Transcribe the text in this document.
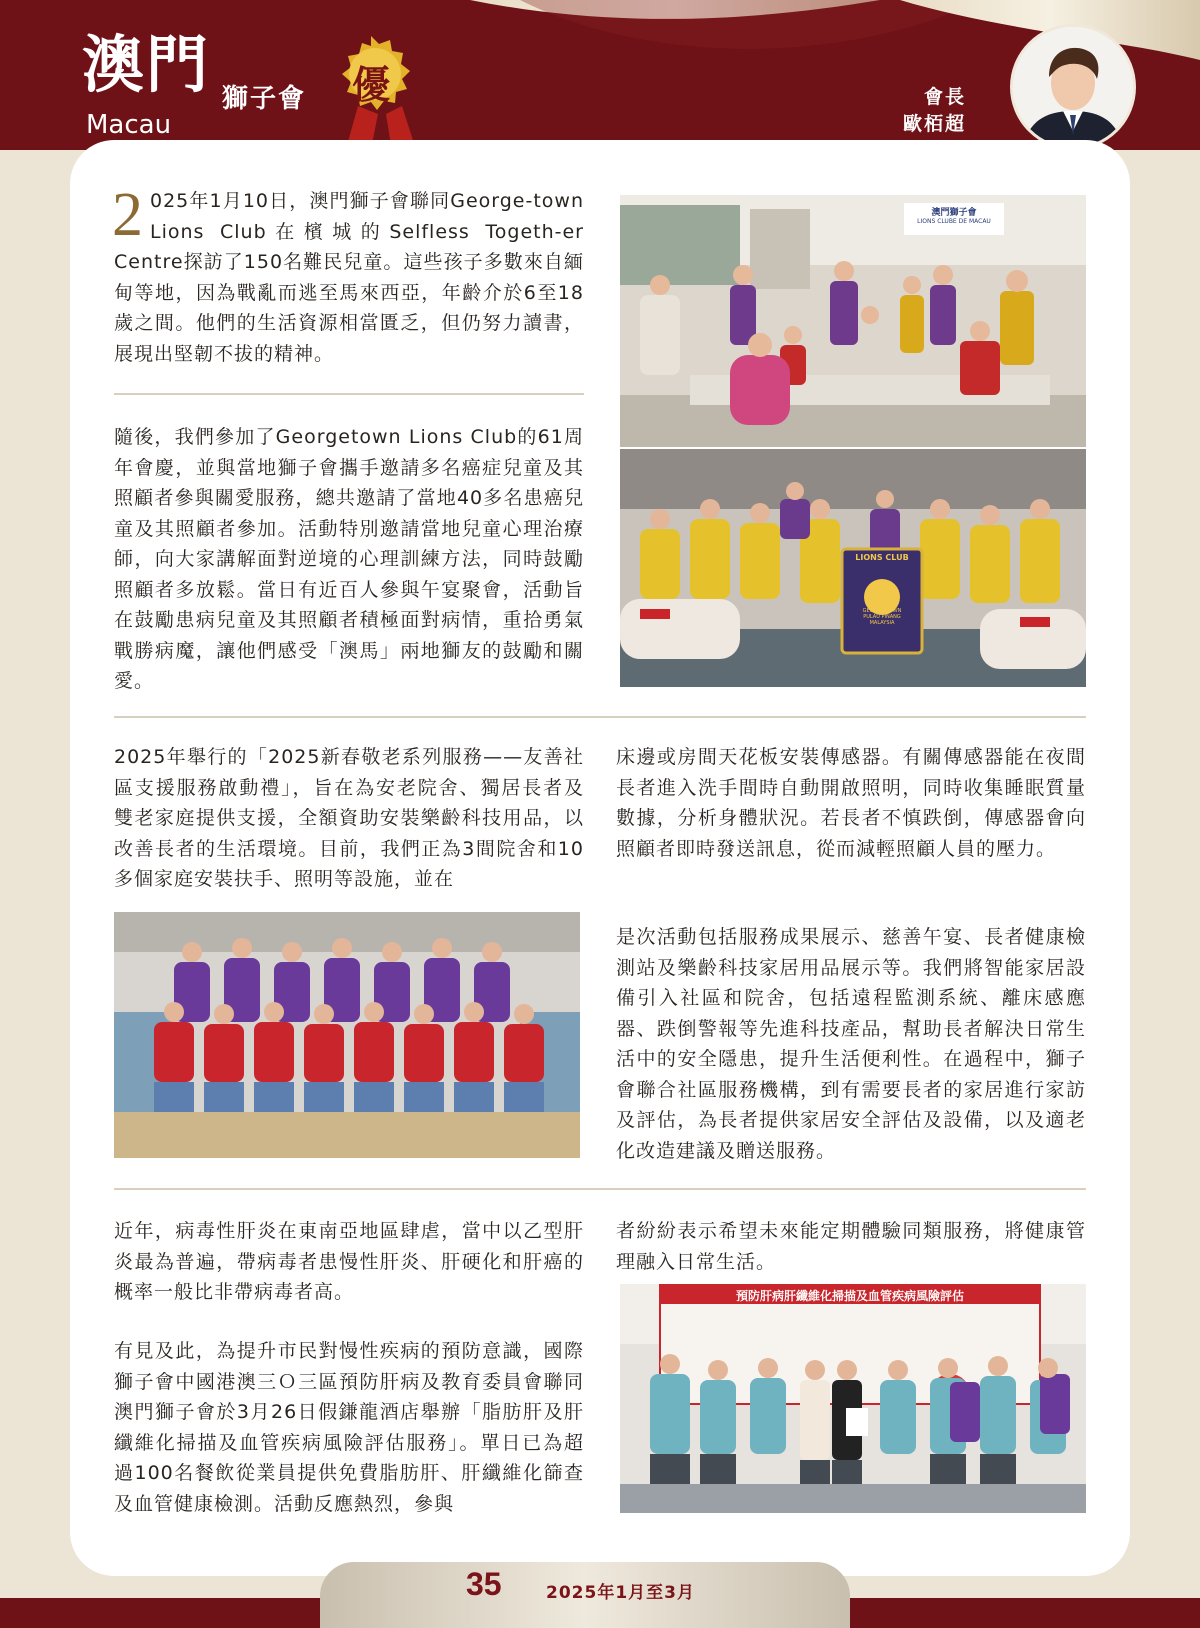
澳門 獅子會
Macau
優	會長
歐栢超

2 025年1月10日，澳門獅子會聯同George-town Lions Club在檳城的Selfless Togeth-er Centre探訪了150名難民兒童。這些孩子多數來自緬甸等地，因為戰亂而逃至馬來西亞，年齡介於6至18歲之間。他們的生活資源相當匱乏，但仍努力讀書，展現出堅韌不拔的精神。

隨後，我們參加了Georgetown Lions Club的61周年會慶，並與當地獅子會攜手邀請多名癌症兒童及其照顧者參與關愛服務，總共邀請了當地40多名患癌兒童及其照顧者參加。活動特別邀請當地兒童心理治療師，向大家講解面對逆境的心理訓練方法，同時鼓勵照顧者多放鬆。當日有近百人參與午宴聚會，活動旨在鼓勵患病兒童及其照顧者積極面對病情，重拾勇氣戰勝病魔，讓他們感受「澳馬」兩地獅友的鼓勵和關愛。

澳門獅子會
LIONS CLUBE DE MACAU
LIONS CLUB
GEORGE TOWN
PULAU PINANG
MALAYSIA

2025年舉行的「2025新春敬老系列服務——友善社區支援服務啟動禮」，旨在為安老院舍、獨居長者及雙老家庭提供支援，全額資助安裝樂齡科技用品，以改善長者的生活環境。目前，我們正為3間院舍和10多個家庭安裝扶手、照明等設施，並在

床邊或房間天花板安裝傳感器。有關傳感器能在夜間長者進入洗手間時自動開啟照明，同時收集睡眠質量數據，分析身體狀況。若長者不慎跌倒，傳感器會向照顧者即時發送訊息，從而減輕照顧人員的壓力。

是次活動包括服務成果展示、慈善午宴、長者健康檢測站及樂齡科技家居用品展示等。我們將智能家居設備引入社區和院舍，包括遠程監測系統、離床感應器、跌倒警報等先進科技產品，幫助長者解決日常生活中的安全隱患，提升生活便利性。在過程中，獅子會聯合社區服務機構，到有需要長者的家居進行家訪及評估，為長者提供家居安全評估及設備，以及適老化改造建議及贈送服務。

近年，病毒性肝炎在東南亞地區肆虐，當中以乙型肝炎最為普遍，帶病毒者患慢性肝炎、肝硬化和肝癌的概率一般比非帶病毒者高。

有見及此，為提升市民對慢性疾病的預防意識，國際獅子會中國港澳三Ｏ三區預防肝病及教育委員會聯同澳門獅子會於3月26日假鎌龍酒店舉辦「脂肪肝及肝纖維化掃描及血管疾病風險評估服務」。單日已為超過100名餐飲從業員提供免費脂肪肝、肝纖維化篩查及血管健康檢測。活動反應熱烈，參與

者紛紛表示希望未來能定期體驗同類服務，將健康管理融入日常生活。

預防肝病肝纖維化掃描及血管疾病風險評估
35	2025年1月至3月
